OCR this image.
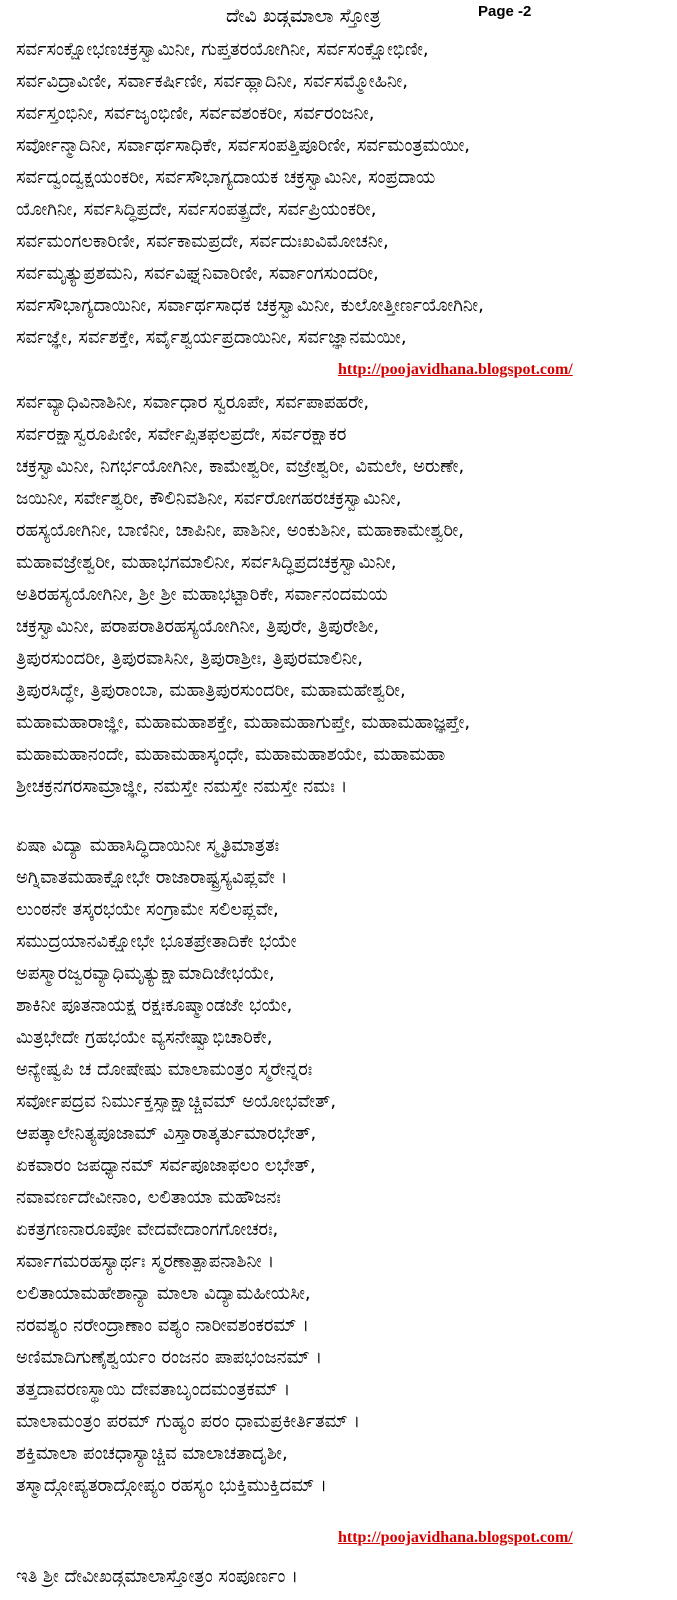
ದೇವಿ ಖಡ್ಗಮಾಲಾ ಸ್ತೋತ್ರ	Page -2
ಸರ್ವಸಂಕ್ಷೋಭಣಚಕ್ರಸ್ವಾಮಿನೀ, ಗುಪ್ತತರಯೋಗಿನೀ, ಸರ್ವಸಂಕ್ಷೋಭಿಣೀ,
ಸರ್ವವಿದ್ರಾವಿಣೀ, ಸರ್ವಾಕರ್ಷಿಣೀ, ಸರ್ವಹ್ಲಾದಿನೀ, ಸರ್ವಸಮ್ಮೋಹಿನೀ,
ಸರ್ವಸ್ತಂಭಿನೀ, ಸರ್ವಜೃಂಭಿಣೀ, ಸರ್ವವಶಂಕರೀ, ಸರ್ವರಂಜನೀ,
ಸರ್ವೋನ್ಮಾದಿನೀ, ಸರ್ವಾರ್ಥಸಾಧಿಕೇ, ಸರ್ವಸಂಪತ್ತಿಪೂರಿಣೀ, ಸರ್ವಮಂತ್ರಮಯೀ,
ಸರ್ವದ್ವಂದ್ವಕ್ಷಯಂಕರೀ, ಸರ್ವಸೌಭಾಗ್ಯದಾಯಕ ಚಕ್ರಸ್ವಾಮಿನೀ, ಸಂಪ್ರದಾಯ
ಯೋಗಿನೀ, ಸರ್ವಸಿದ್ಧಿಪ್ರದೇ, ಸರ್ವಸಂಪತ್ಪ್ರದೇ, ಸರ್ವಪ್ರಿಯಂಕರೀ,
ಸರ್ವಮಂಗಲಕಾರಿಣೀ, ಸರ್ವಕಾಮಪ್ರದೇ, ಸರ್ವದುಃಖವಿಮೋಚನೀ,
ಸರ್ವಮೃತ್ಯುಪ್ರಶಮನಿ, ಸರ್ವವಿಘ್ನನಿವಾರಿಣೀ, ಸರ್ವಾಂಗಸುಂದರೀ,
ಸರ್ವಸೌಭಾಗ್ಯದಾಯಿನೀ, ಸರ್ವಾರ್ಥಸಾಧಕ ಚಕ್ರಸ್ವಾಮಿನೀ, ಕುಲೋತ್ತೀರ್ಣಯೋಗಿನೀ,
ಸರ್ವಜ್ಞೇ, ಸರ್ವಶಕ್ತೇ, ಸರ್ವೈಶ್ವರ್ಯಪ್ರದಾಯಿನೀ, ಸರ್ವಜ್ಞಾನಮಯೀ,
http://poojavidhana.blogspot.com/
ಸರ್ವವ್ಯಾಧಿವಿನಾಶಿನೀ, ಸರ್ವಾಧಾರ ಸ್ವರೂಪೇ, ಸರ್ವಪಾಪಹರೇ,
ಸರ್ವರಕ್ಷಾಸ್ವರೂಪಿಣೀ, ಸರ್ವೇಪ್ಸಿತಫಲಪ್ರದೇ, ಸರ್ವರಕ್ಷಾಕರ
ಚಕ್ರಸ್ವಾಮಿನೀ, ನಿಗರ್ಭಯೋಗಿನೀ, ಕಾಮೇಶ್ವರೀ, ವಜ್ರೇಶ್ವರೀ, ವಿಮಲೇ, ಅರುಣೇ,
ಜಯಿನೀ, ಸರ್ವೇಶ್ವರೀ, ಕೌಲಿನಿವಶಿನೀ, ಸರ್ವರೋಗಹರಚಕ್ರಸ್ವಾಮಿನೀ,
ರಹಸ್ಯಯೋಗಿನೀ, ಬಾಣಿನೀ, ಚಾಪಿನೀ, ಪಾಶಿನೀ, ಅಂಕುಶಿನೀ, ಮಹಾಕಾಮೇಶ್ವರೀ,
ಮಹಾವಜ್ರೇಶ್ವರೀ, ಮಹಾಭಗಮಾಲಿನೀ, ಸರ್ವಸಿದ್ಧಿಪ್ರದಚಕ್ರಸ್ವಾಮಿನೀ,
ಅತಿರಹಸ್ಯಯೋಗಿನೀ, ಶ್ರೀ ಶ್ರೀ ಮಹಾಭಟ್ಟಾರಿಕೇ, ಸರ್ವಾನಂದಮಯ
ಚಕ್ರಸ್ವಾಮಿನೀ, ಪರಾಪರಾತಿರಹಸ್ಯಯೋಗಿನೀ, ತ್ರಿಪುರೇ, ತ್ರಿಪುರೇಶೀ,
ತ್ರಿಪುರಸುಂದರೀ, ತ್ರಿಪುರವಾಸಿನೀ, ತ್ರಿಪುರಾಶ್ರೀಃ, ತ್ರಿಪುರಮಾಲಿನೀ,
ತ್ರಿಪುರಸಿದ್ಧೇ, ತ್ರಿಪುರಾಂಬಾ, ಮಹಾತ್ರಿಪುರಸುಂದರೀ, ಮಹಾಮಹೇಶ್ವರೀ,
ಮಹಾಮಹಾರಾಜ್ಞೀ, ಮಹಾಮಹಾಶಕ್ತೇ, ಮಹಾಮಹಾಗುಪ್ತೇ, ಮಹಾಮಹಾಜ್ಞಪ್ತೇ,
ಮಹಾಮಹಾನಂದೇ, ಮಹಾಮಹಾಸ್ಕಂಧೇ, ಮಹಾಮಹಾಶಯೇ, ಮಹಾಮಹಾ
ಶ್ರೀಚಕ್ರನಗರಸಾಮ್ರಾಜ್ಞೀ, ನಮಸ್ತೇ ನಮಸ್ತೇ ನಮಸ್ತೇ ನಮಃ ।
ಏಷಾ ವಿದ್ಯಾ ಮಹಾಸಿದ್ಧಿದಾಯಿನೀ ಸ್ಮೃತಿಮಾತ್ರತಃ
ಅಗ್ನಿವಾತಮಹಾಕ್ಷೋಭೇ ರಾಜಾರಾಷ್ಟ್ರಸ್ಯವಿಪ್ಲವೇ ।
ಲುಂಠನೇ ತಸ್ಕರಭಯೇ ಸಂಗ್ರಾಮೇ ಸಲಿಲಪ್ಲವೇ,
ಸಮುದ್ರಯಾನವಿಕ್ಷೋಭೇ ಭೂತಪ್ರೇತಾದಿಕೇ ಭಯೇ
ಅಪಸ್ಮಾರಜ್ವರವ್ಯಾಧಿಮೃತ್ಯುಕ್ಷಾಮಾದಿಜೇಭಯೇ,
ಶಾಕಿನೀ ಪೂತನಾಯಕ್ಷ ರಕ್ಷಃಕೂಷ್ಮಾಂಡಜೇ ಭಯೇ,
ಮಿತ್ರಭೇದೇ ಗ್ರಹಭಯೇ ವ್ಯಸನೇಷ್ವಾಭಿಚಾರಿಕೇ,
ಅನ್ಯೇಷ್ವಪಿ ಚ ದೋಷೇಷು ಮಾಲಾಮಂತ್ರಂ ಸ್ಮರೇನ್ನರಃ
ಸರ್ವೋಪದ್ರವ ನಿರ್ಮುಕ್ತಸ್ಸಾಕ್ಷಾಚ್ಚಿವಮ್ ಅಯೋಭವೇತ್,
ಆಪತ್ಕಾಲೇನಿತ್ಯಪೂಜಾಮ್ ವಿಸ್ತಾರಾತ್ಕರ್ತುಮಾರಭೇತ್,
ಏಕವಾರಂ ಜಪಧ್ಯಾನಮ್ ಸರ್ವಪೂಜಾಫಲಂ ಲಭೇತ್,
ನವಾವರ್ಣದೇವೀನಾಂ, ಲಲಿತಾಯಾ ಮಹೌಜನಃ
ಏಕತ್ರಗಣನಾರೂಪೋ ವೇದವೇದಾಂಗಗೋಚರಃ,
ಸರ್ವಾಗಮರಹಸ್ಯಾರ್ಥಃ ಸ್ಮರಣಾತ್ಪಾಪನಾಶಿನೀ ।
ಲಲಿತಾಯಾಮಹೇಶಾನ್ಯಾ ಮಾಲಾ ವಿದ್ಯಾಮಹೀಯಸೀ,
ನರವಶ್ಯಂ ನರೇಂದ್ರಾಣಾಂ ವಶ್ಯಂ ನಾರೀವಶಂಕರಮ್ ।
ಅಣಿಮಾದಿಗುಣೈಶ್ವರ್ಯಂ ರಂಜನಂ ಪಾಪಭಂಜನಮ್ ।
ತತ್ತದಾವರಣಸ್ಥಾಯಿ ದೇವತಾಬೃಂದಮಂತ್ರಕಮ್ ।
ಮಾಲಾಮಂತ್ರಂ ಪರಮ್ ಗುಹ್ಯಂ ಪರಂ ಧಾಮಪ್ರಕೀರ್ತಿತಮ್ ।
ಶಕ್ತಿಮಾಲಾ ಪಂಚಧಾಸ್ಯಾಚ್ಚಿವ ಮಾಲಾಚತಾದೃಶೀ,
ತಸ್ಮಾದ್ಗೋಪ್ಯತರಾದ್ಗೋಪ್ಯಂ ರಹಸ್ಯಂ ಭುಕ್ತಿಮುಕ್ತಿದಮ್ ।
http://poojavidhana.blogspot.com/
ಇತಿ ಶ್ರೀ ದೇವೀಖಡ್ಗಮಾಲಾಸ್ತೋತ್ರಂ ಸಂಪೂರ್ಣಂ ।
